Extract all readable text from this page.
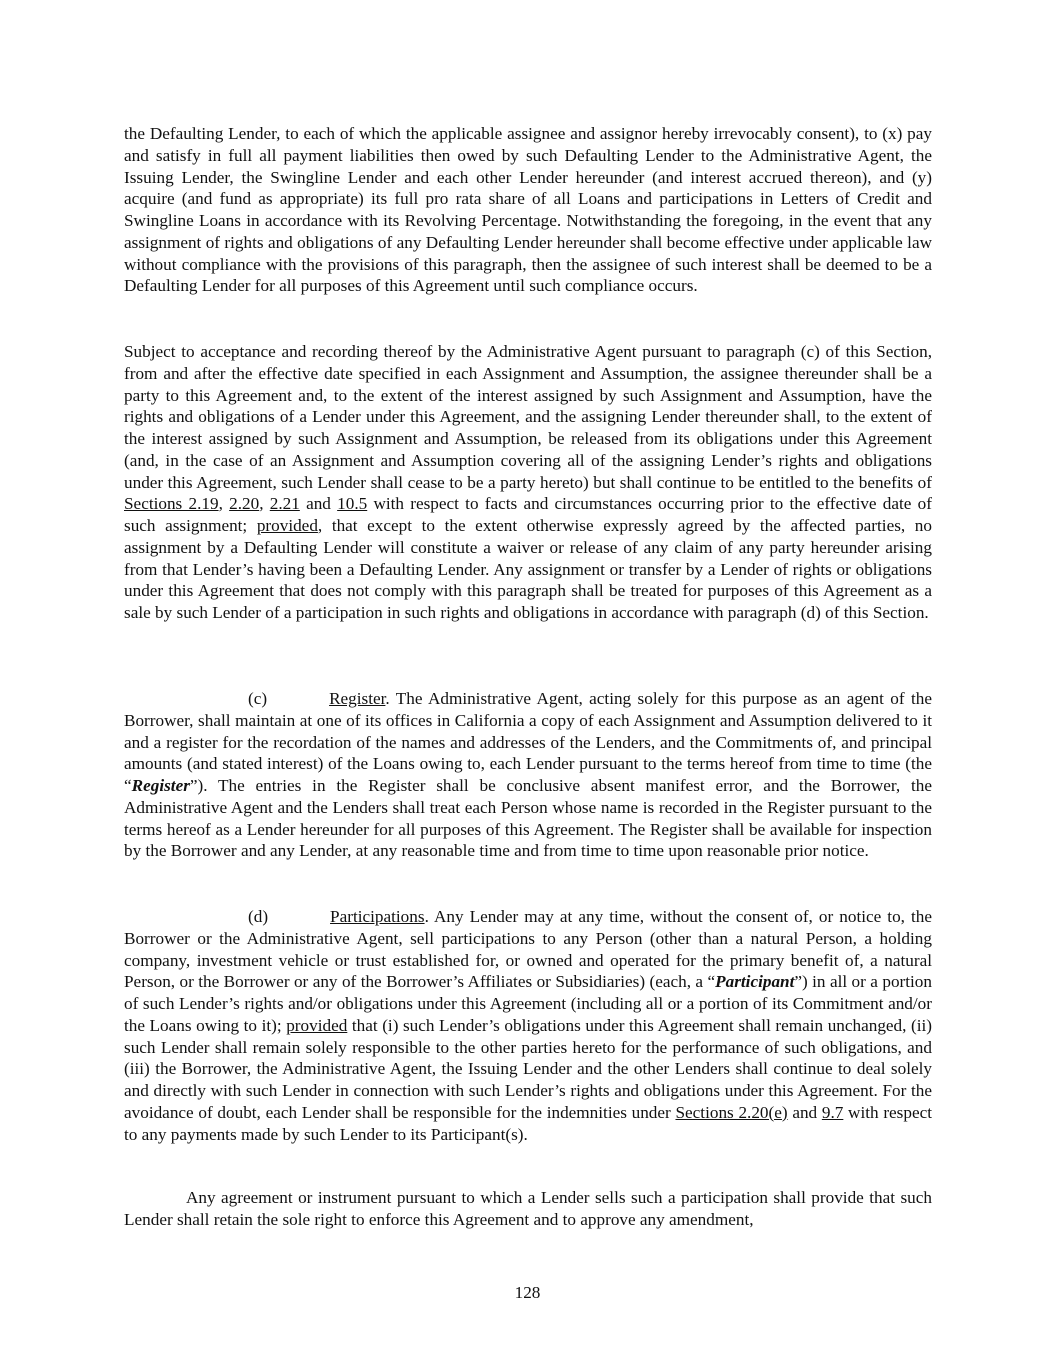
the Defaulting Lender, to each of which the applicable assignee and assignor hereby irrevocably consent), to (x) pay and satisfy in full all payment liabilities then owed by such Defaulting Lender to the Administrative Agent, the Issuing Lender, the Swingline Lender and each other Lender hereunder (and interest accrued thereon), and (y) acquire (and fund as appropriate) its full pro rata share of all Loans and participations in Letters of Credit and Swingline Loans in accordance with its Revolving Percentage. Notwithstanding the foregoing, in the event that any assignment of rights and obligations of any Defaulting Lender hereunder shall become effective under applicable law without compliance with the provisions of this paragraph, then the assignee of such interest shall be deemed to be a Defaulting Lender for all purposes of this Agreement until such compliance occurs.

Subject to acceptance and recording thereof by the Administrative Agent pursuant to paragraph (c) of this Section, from and after the effective date specified in each Assignment and Assumption, the assignee thereunder shall be a party to this Agreement and, to the extent of the interest assigned by such Assignment and Assumption, have the rights and obligations of a Lender under this Agreement, and the assigning Lender thereunder shall, to the extent of the interest assigned by such Assignment and Assumption, be released from its obligations under this Agreement (and, in the case of an Assignment and Assumption covering all of the assigning Lender’s rights and obligations under this Agreement, such Lender shall cease to be a party hereto) but shall continue to be entitled to the benefits of Sections 2.19, 2.20, 2.21 and 10.5 with respect to facts and circumstances occurring prior to the effective date of such assignment; provided, that except to the extent otherwise expressly agreed by the affected parties, no assignment by a Defaulting Lender will constitute a waiver or release of any claim of any party hereunder arising from that Lender’s having been a Defaulting Lender. Any assignment or transfer by a Lender of rights or obligations under this Agreement that does not comply with this paragraph shall be treated for purposes of this Agreement as a sale by such Lender of a participation in such rights and obligations in accordance with paragraph (d) of this Section.

(c)	Register. The Administrative Agent, acting solely for this purpose as an agent of the Borrower, shall maintain at one of its offices in California a copy of each Assignment and Assumption delivered to it and a register for the recordation of the names and addresses of the Lenders, and the Commitments of, and principal amounts (and stated interest) of the Loans owing to, each Lender pursuant to the terms hereof from time to time (the “Register”). The entries in the Register shall be conclusive absent manifest error, and the Borrower, the Administrative Agent and the Lenders shall treat each Person whose name is recorded in the Register pursuant to the terms hereof as a Lender hereunder for all purposes of this Agreement. The Register shall be available for inspection by the Borrower and any Lender, at any reasonable time and from time to time upon reasonable prior notice.

(d)	Participations. Any Lender may at any time, without the consent of, or notice to, the Borrower or the Administrative Agent, sell participations to any Person (other than a natural Person, a holding company, investment vehicle or trust established for, or owned and operated for the primary benefit of, a natural Person, or the Borrower or any of the Borrower’s Affiliates or Subsidiaries) (each, a “Participant”) in all or a portion of such Lender’s rights and/or obligations under this Agreement (including all or a portion of its Commitment and/or the Loans owing to it); provided that (i) such Lender’s obligations under this Agreement shall remain unchanged, (ii) such Lender shall remain solely responsible to the other parties hereto for the performance of such obligations, and (iii) the Borrower, the Administrative Agent, the Issuing Lender and the other Lenders shall continue to deal solely and directly with such Lender in connection with such Lender’s rights and obligations under this Agreement. For the avoidance of doubt, each Lender shall be responsible for the indemnities under Sections 2.20(e) and 9.7 with respect to any payments made by such Lender to its Participant(s).

Any agreement or instrument pursuant to which a Lender sells such a participation shall provide that such Lender shall retain the sole right to enforce this Agreement and to approve any amendment,

128
